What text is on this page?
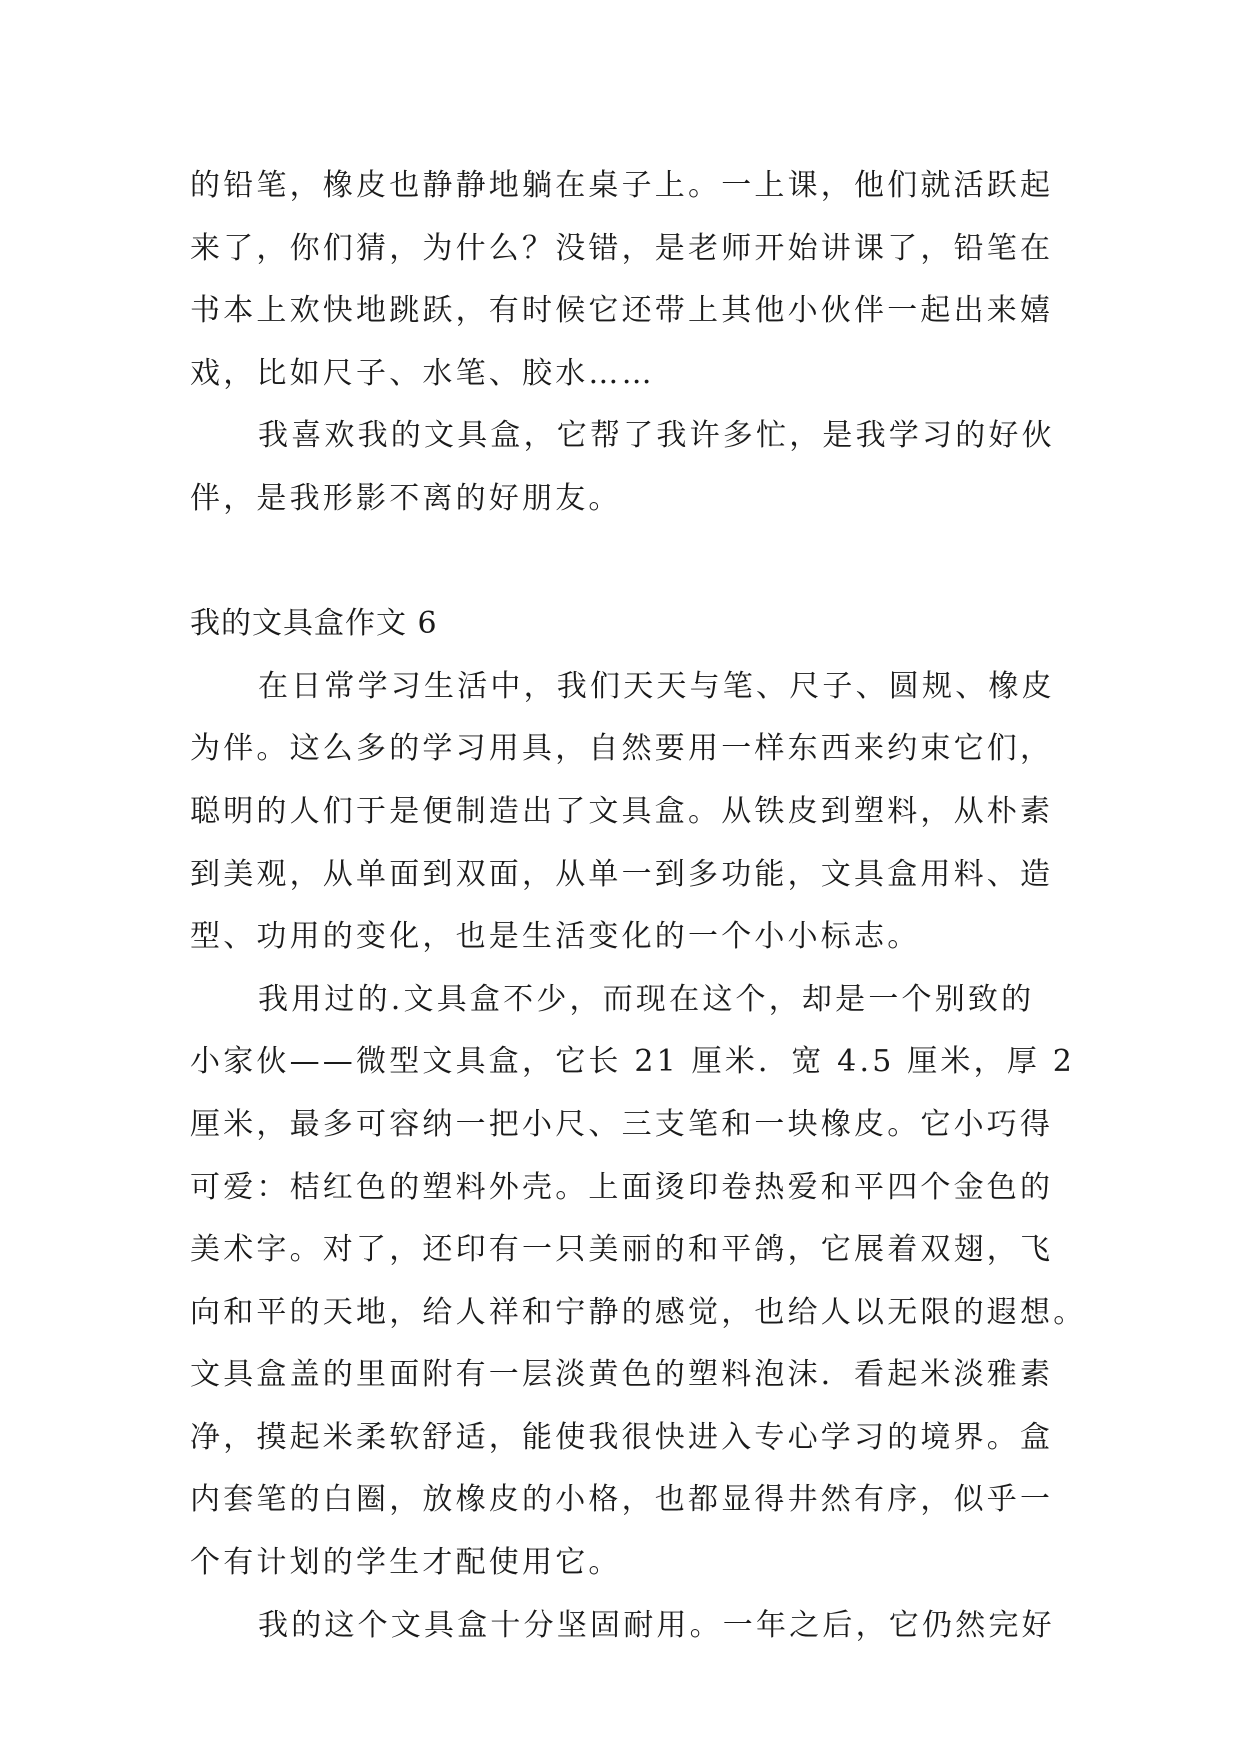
的铅笔，橡皮也静静地躺在桌子上。一上课，他们就活跃起
来了，你们猜，为什么？没错，是老师开始讲课了，铅笔在
书本上欢快地跳跃，有时候它还带上其他小伙伴一起出来嬉
戏，比如尺子、水笔、胶水……
我喜欢我的文具盒，它帮了我许多忙，是我学习的好伙
伴，是我形影不离的好朋友。
我的文具盒作文 6
在日常学习生活中，我们天天与笔、尺子、圆规、橡皮
为伴。这么多的学习用具，自然要用一样东西来约束它们，
聪明的人们于是便制造出了文具盒。从铁皮到塑料，从朴素
到美观，从单面到双面，从单一到多功能，文具盒用料、造
型、功用的变化，也是生活变化的一个小小标志。
我用过的.文具盒不少，而现在这个，却是一个别致的
小家伙——微型文具盒，它长 21 厘米．宽 4.5 厘米，厚 2
厘米，最多可容纳一把小尺、三支笔和一块橡皮。它小巧得
可爱：桔红色的塑料外壳。上面烫印卷热爱和平四个金色的
美术字。对了，还印有一只美丽的和平鸽，它展着双翅，飞
向和平的天地，给人祥和宁静的感觉，也给人以无限的遐想。
文具盒盖的里面附有一层淡黄色的塑料泡沫．看起米淡雅素
净，摸起米柔软舒适，能使我很快进入专心学习的境界。盒
内套笔的白圈，放橡皮的小格，也都显得井然有序，似乎一
个有计划的学生才配使用它。
我的这个文具盒十分坚固耐用。一年之后，它仍然完好
